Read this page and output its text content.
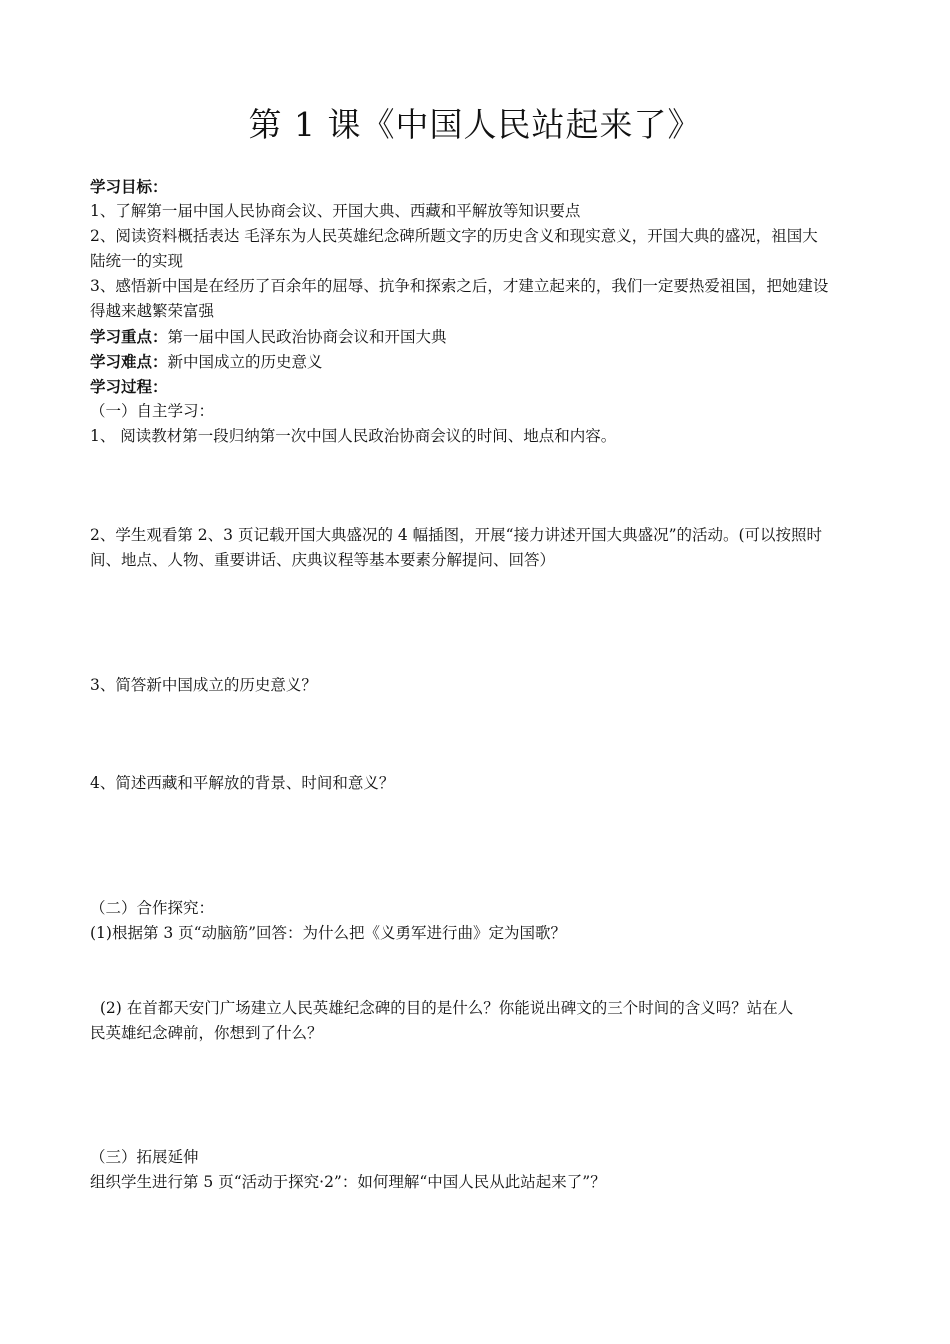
第 1 课《中国人民站起来了》
学习目标：
1、了解第一届中国人民协商会议、开国大典、西藏和平解放等知识要点
2、阅读资料概括表达 毛泽东为人民英雄纪念碑所题文字的历史含义和现实意义，开国大典的盛况，祖国大
陆统一的实现
3、感悟新中国是在经历了百余年的屈辱、抗争和探索之后，才建立起来的，我们一定要热爱祖国，把她建设
得越来越繁荣富强
学习重点：第一届中国人民政治协商会议和开国大典
学习难点：新中国成立的历史意义
学习过程：
（一）自主学习：
1、 阅读教材第一段归纳第一次中国人民政治协商会议的时间、地点和内容。
2、学生观看第 2、3 页记载开国大典盛况的 4 幅插图，开展“接力讲述开国大典盛况”的活动。(可以按照时
间、地点、人物、重要讲话、庆典议程等基本要素分解提问、回答）
3、简答新中国成立的历史意义？
4、简述西藏和平解放的背景、时间和意义？
（二）合作探究：
(1)根据第 3 页“动脑筋”回答：为什么把《义勇军进行曲》定为国歌？
(2) 在首都天安门广场建立人民英雄纪念碑的目的是什么？你能说出碑文的三个时间的含义吗？站在人
民英雄纪念碑前，你想到了什么？
（三）拓展延伸
组织学生进行第 5 页“活动于探究·2”：如何理解“中国人民从此站起来了”？
